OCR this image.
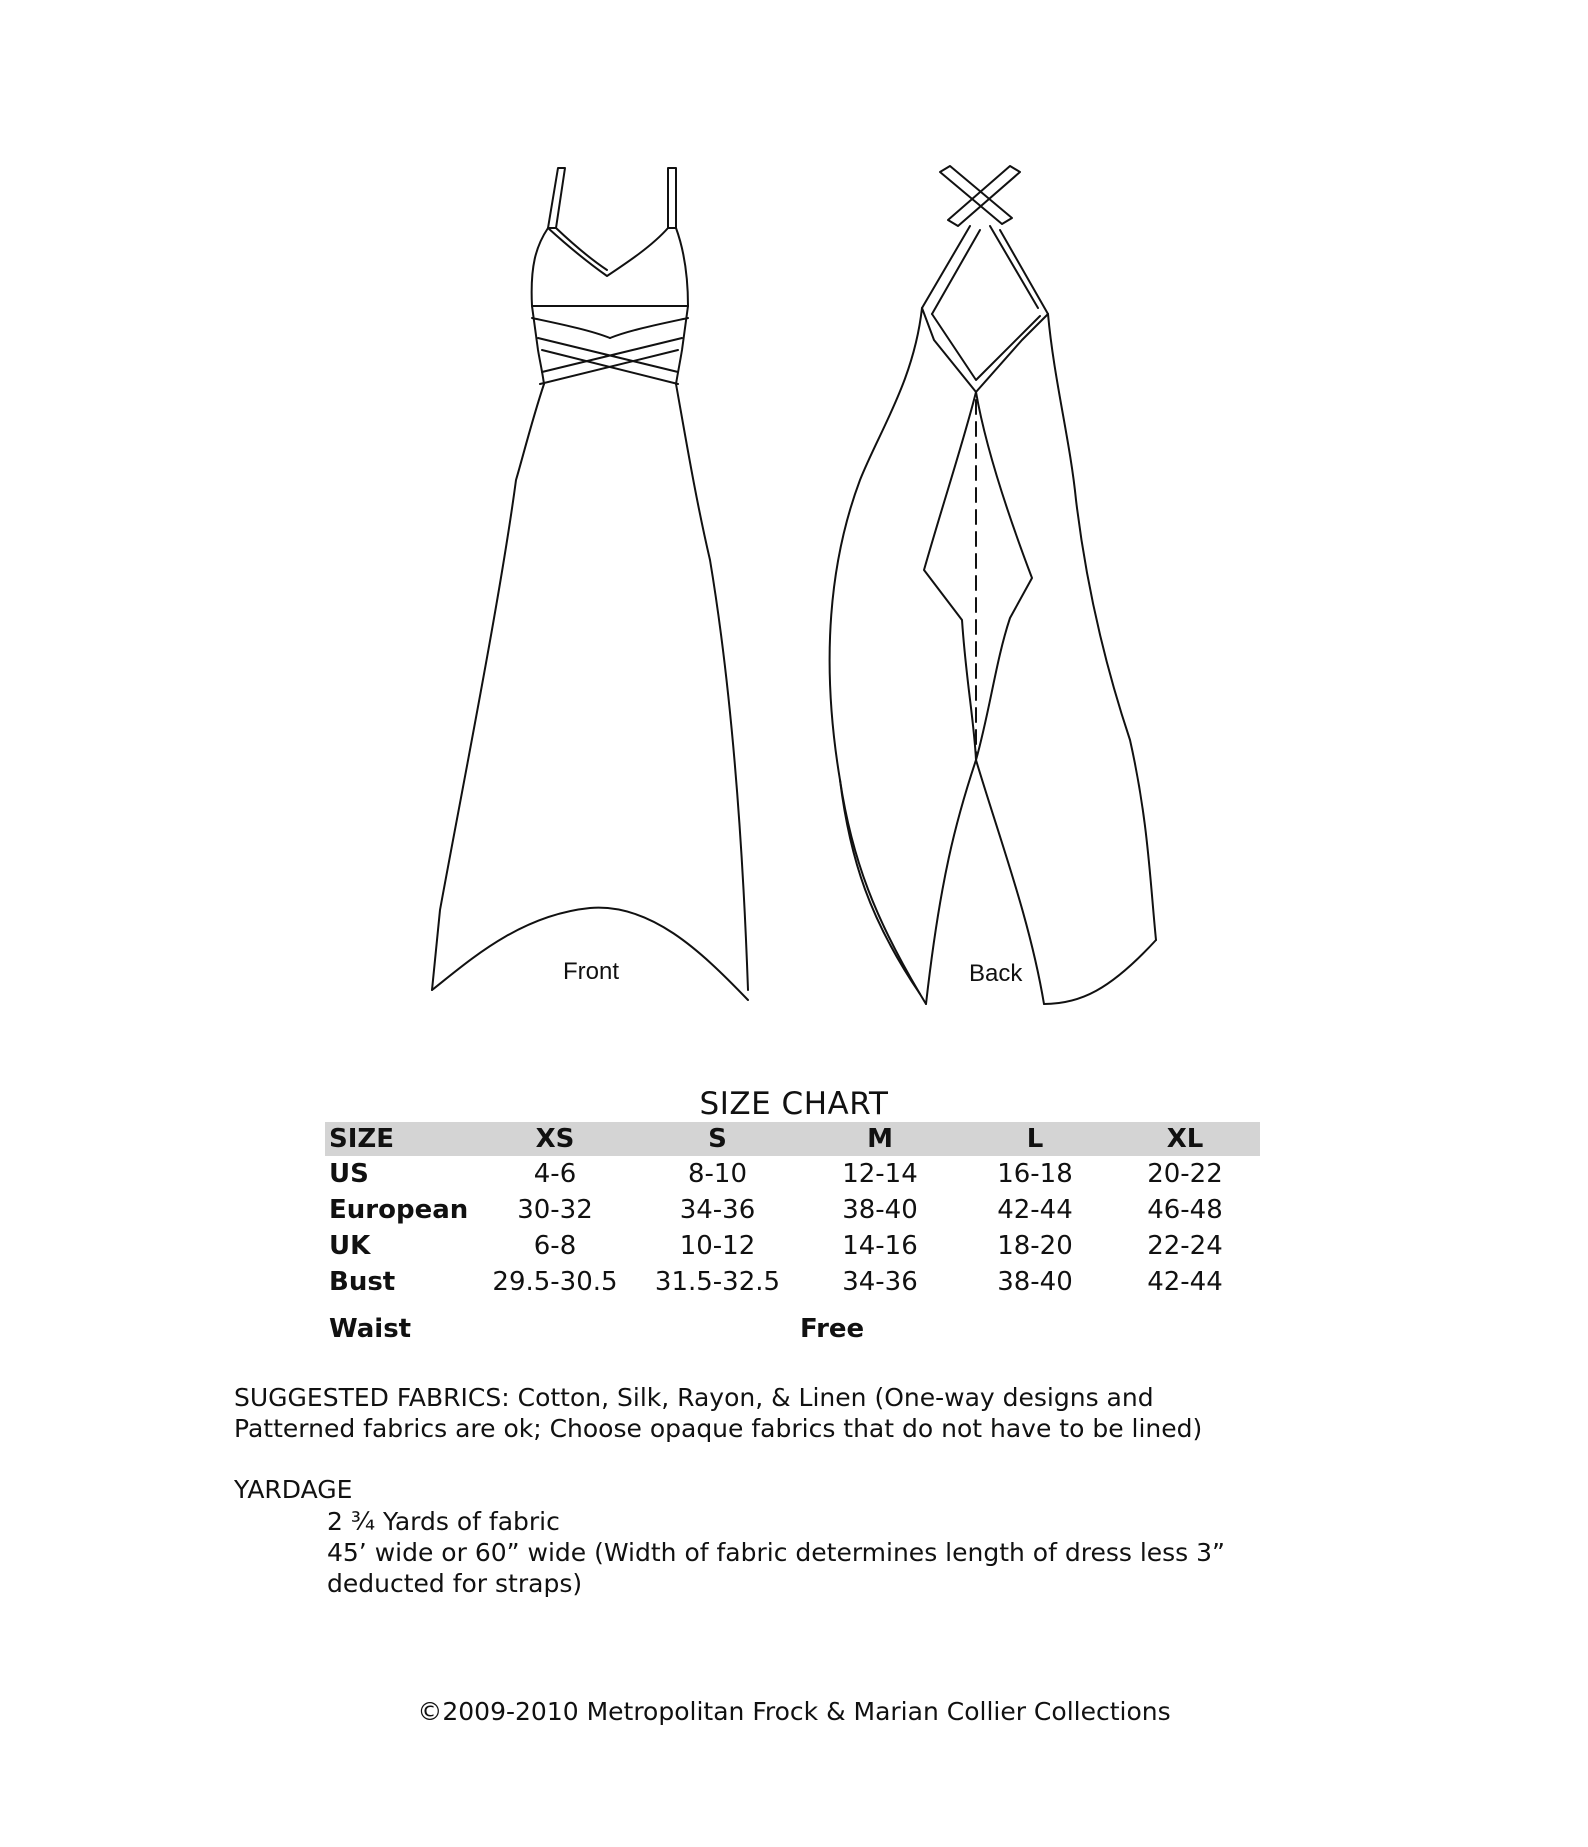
Front	Back
SIZE CHART
SIZE	XS	S	M	L	XL
US	4-6	8-10	12-14	16-18	20-22
European	30-32	34-36	38-40	42-44	46-48
UK	6-8	10-12	14-16	18-20	22-24
Bust	29.5-30.5	31.5-32.5	34-36	38-40	42-44
Waist			Free		
SUGGESTED FABRICS: Cotton, Silk, Rayon, & Linen (One-way designs and
Patterned fabrics are ok; Choose opaque fabrics that do not have to be lined)
YARDAGE
2 ¾ Yards of fabric
45’ wide or 60” wide (Width of fabric determines length of dress less 3”
deducted for straps)
©2009-2010 Metropolitan Frock & Marian Collier Collections
